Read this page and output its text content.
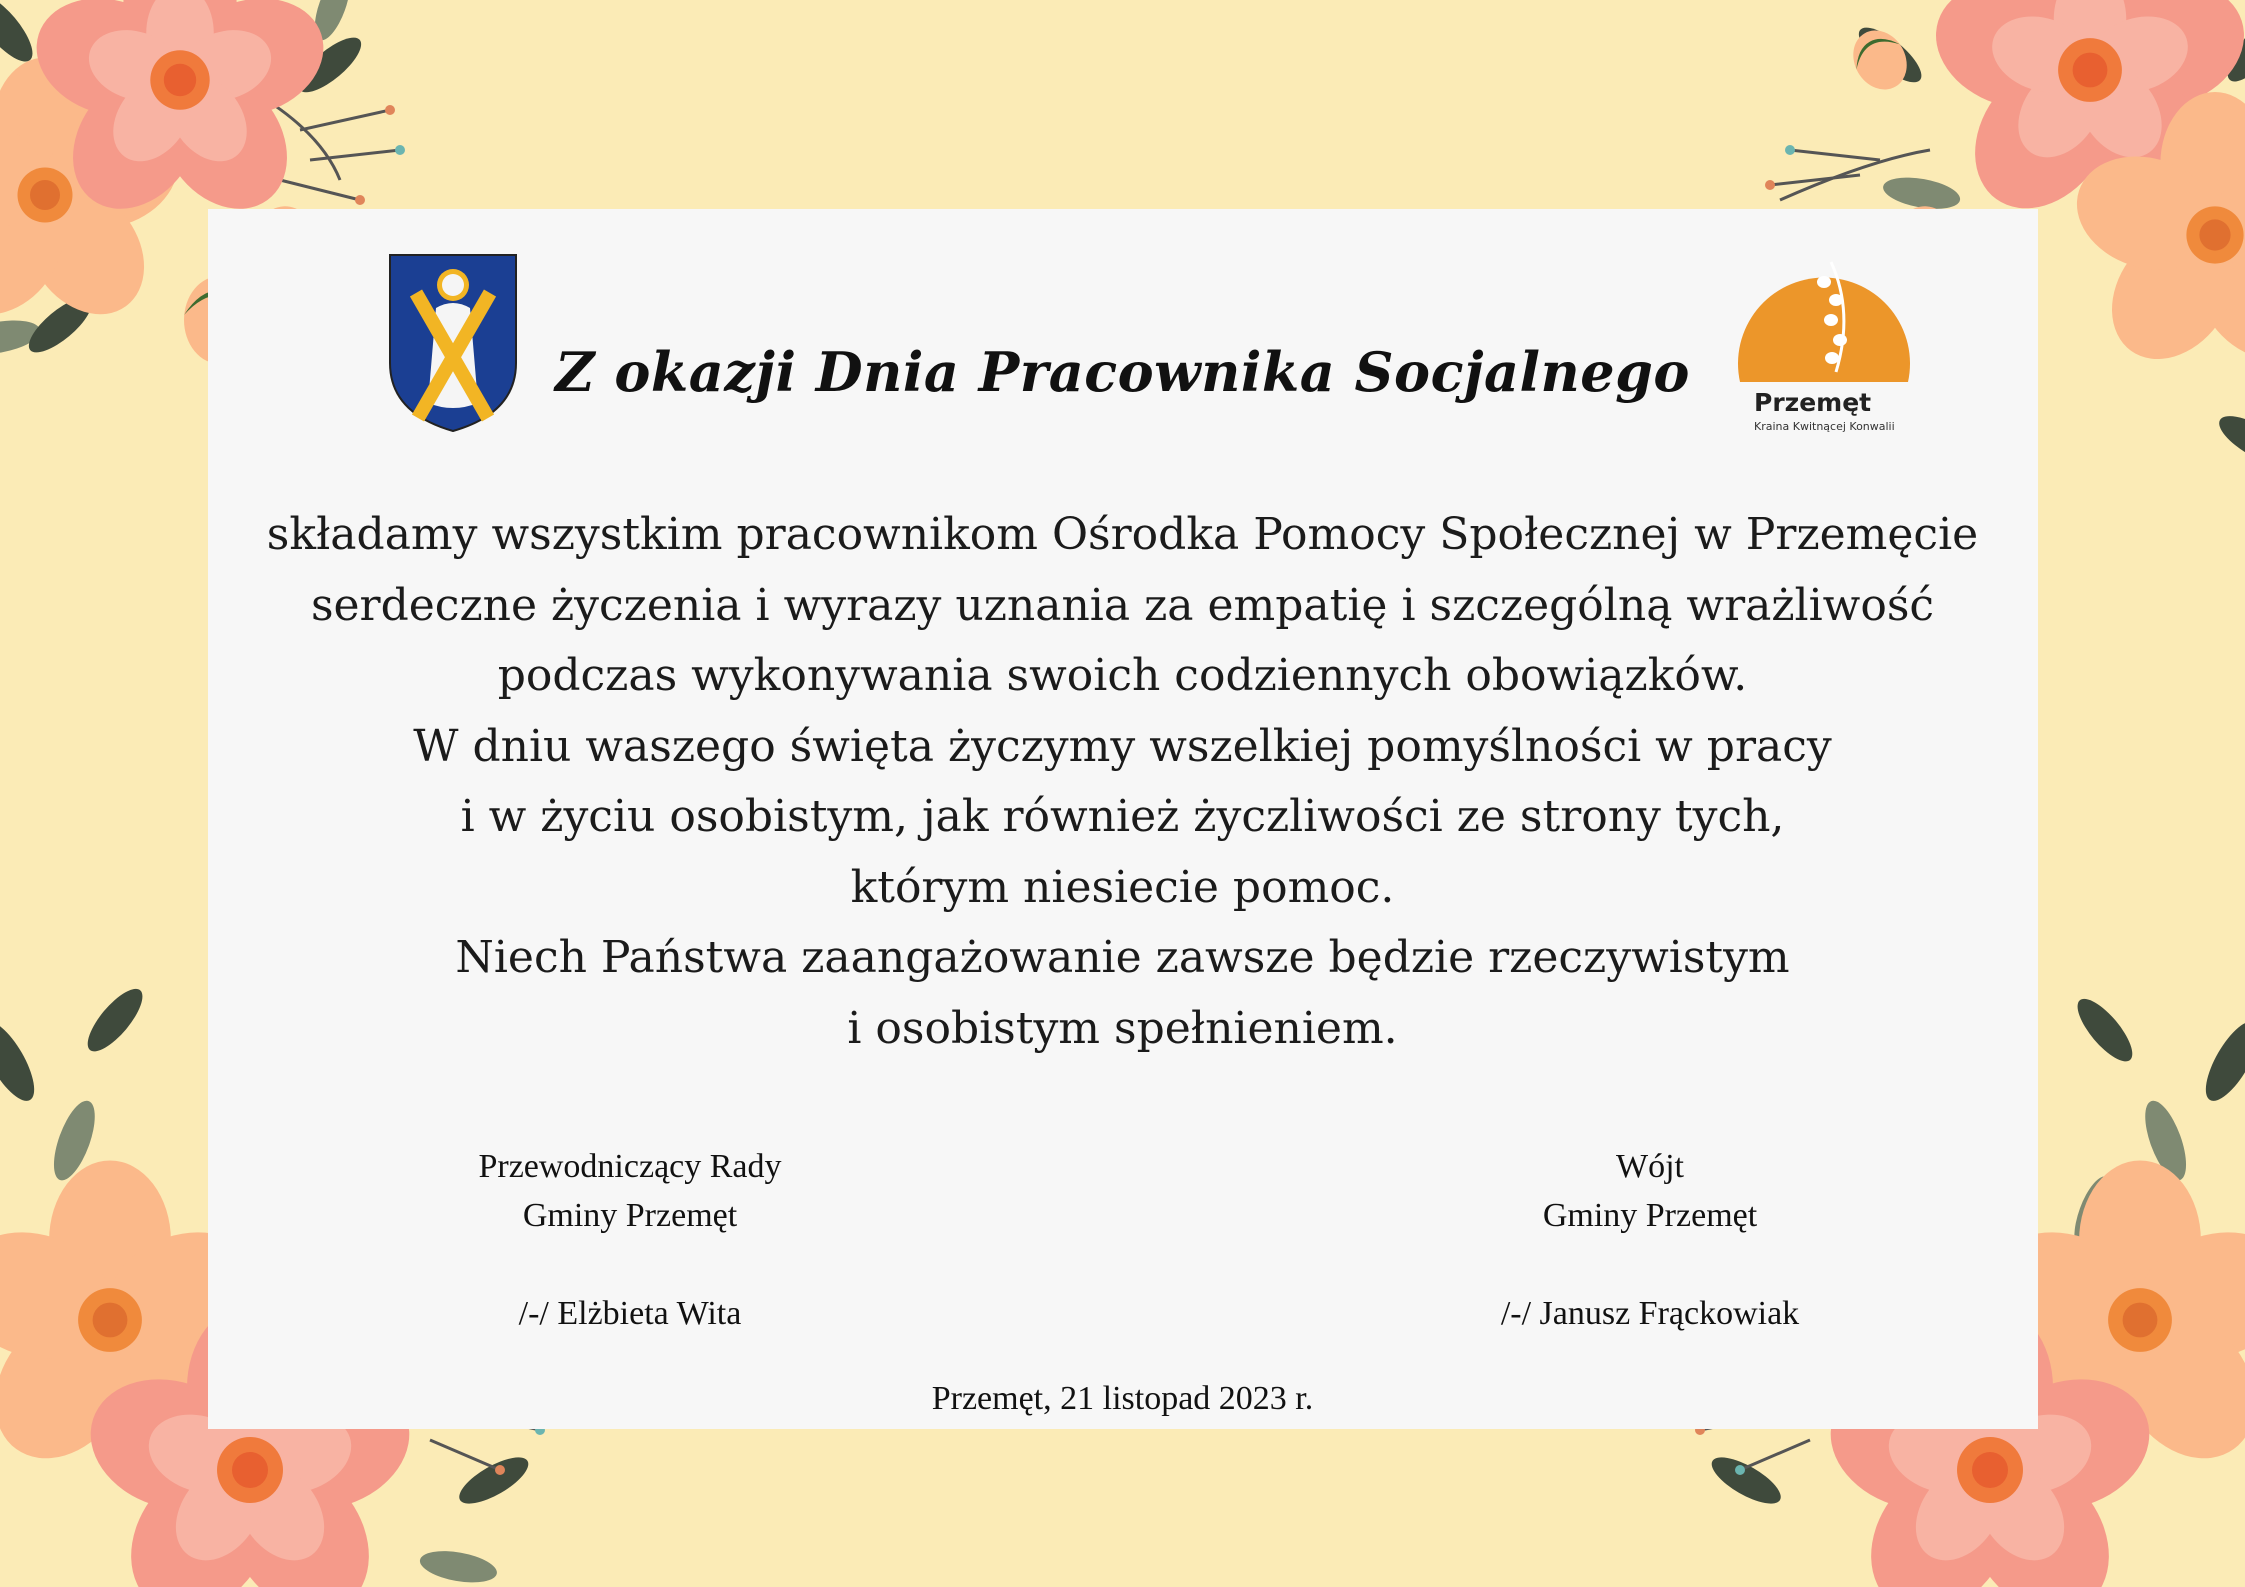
Przemęt
Kraina Kwitnącej Konwalii
Z okazji Dnia Pracownika Socjalnego
składamy wszystkim pracownikom Ośrodka Pomocy Społecznej w Przemęcie
serdeczne życzenia i wyrazy uznania za empatię i szczególną wrażliwość
podczas wykonywania swoich codziennych obowiązków.
W dniu waszego święta życzymy wszelkiej pomyślności w pracy
i w życiu osobistym, jak również życzliwości ze strony tych,
którym niesiecie pomoc.
Niech Państwa zaangażowanie zawsze będzie rzeczywistym
i osobistym spełnieniem.
Przewodniczący Rady
Gminy Przemęt
/-/ Elżbieta Wita
Wójt
Gminy Przemęt
/-/ Janusz Frąckowiak
Przemęt, 21 listopad 2023 r.
